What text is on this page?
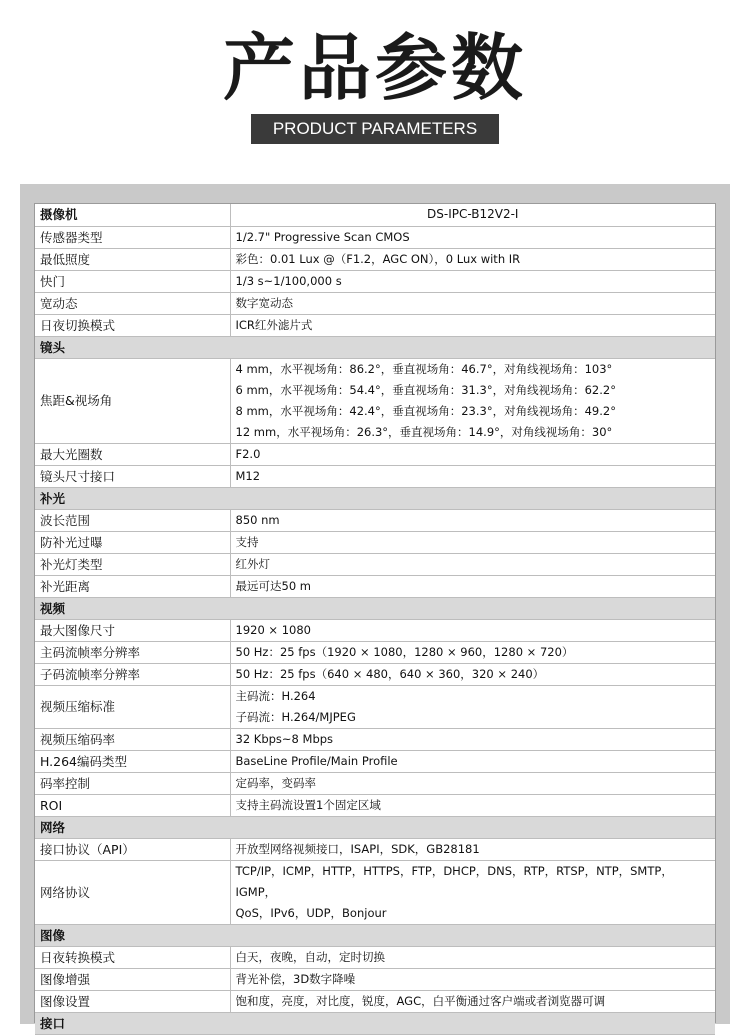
产品参数
PRODUCT PARAMETERS
摄像机	DS-IPC-B12V2-I
传感器类型	1/2.7" Progressive Scan CMOS

最低照度	彩色：0.01 Lux @（F1.2，AGC ON），0 Lux with IR

快门	1/3 s~1/100,000 s

宽动态	数字宽动态

日夜切换模式	ICR红外滤片式

镜头	
焦距&视场角	4 mm，水平视场角：86.2°，垂直视场角：46.7°，对角线视场角：103°
6 mm，水平视场角：54.4°，垂直视场角：31.3°，对角线视场角：62.2°
8 mm，水平视场角：42.4°，垂直视场角：23.3°，对角线视场角：49.2°
12 mm，水平视场角：26.3°，垂直视场角：14.9°，对角线视场角：30°

最大光圈数	F2.0

镜头尺寸接口	M12

补光	
波长范围	850 nm

防补光过曝	支持

补光灯类型	红外灯

补光距离	最远可达50 m

视频	
最大图像尺寸	1920 × 1080

主码流帧率分辨率	50 Hz：25 fps（1920 × 1080，1280 × 960，1280 × 720）

子码流帧率分辨率	50 Hz：25 fps（640 × 480，640 × 360，320 × 240）

视频压缩标准	主码流：H.264
子码流：H.264/MJPEG

视频压缩码率	32 Kbps~8 Mbps

H.264编码类型	BaseLine Profile/Main Profile

码率控制	定码率，变码率

ROI	支持主码流设置1个固定区域

网络	
接口协议（API）	开放型网络视频接口，ISAPI，SDK，GB28181

网络协议	TCP/IP，ICMP，HTTP，HTTPS，FTP，DHCP，DNS，RTP，RTSP，NTP，SMTP，IGMP，
QoS，IPv6，UDP，Bonjour

图像	
日夜转换模式	白天，夜晚，自动，定时切换

图像增强	背光补偿，3D数字降噪

图像设置	饱和度，亮度，对比度，锐度，AGC，白平衡通过客户端或者浏览器可调

接口	
